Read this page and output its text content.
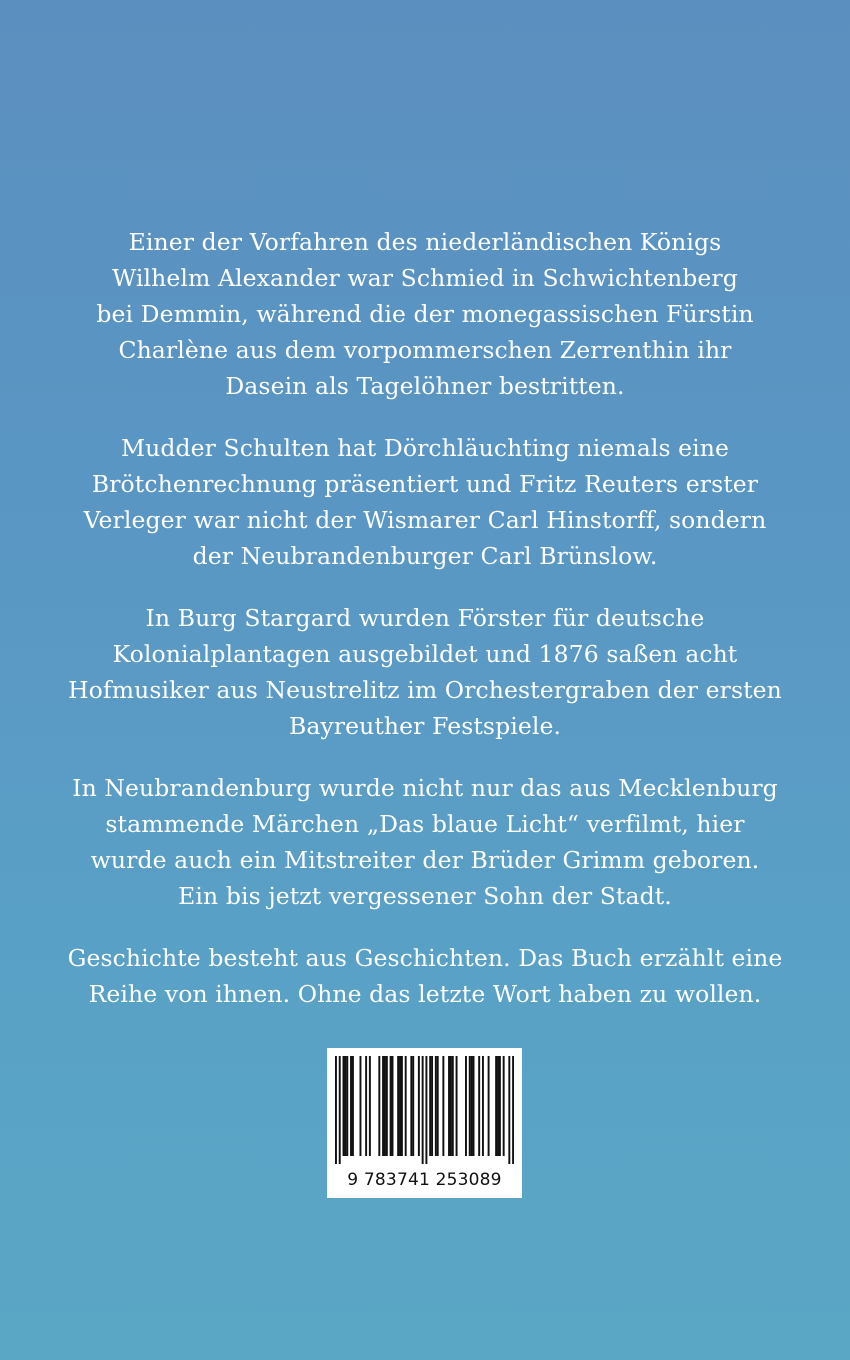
Einer der Vorfahren des niederländischen Königs
Wilhelm Alexander war Schmied in Schwichtenberg
bei Demmin, während die der monegassischen Fürstin
Charlène aus dem vorpommerschen Zerrenthin ihr
Dasein als Tagelöhner bestritten.

Mudder Schulten hat Dörchläuchting niemals eine
Brötchenrechnung präsentiert und Fritz Reuters erster
Verleger war nicht der Wismarer Carl Hinstorff, sondern
der Neubrandenburger Carl Brünslow.

In Burg Stargard wurden Förster für deutsche
Kolonialplantagen ausgebildet und 1876 saßen acht
Hofmusiker aus Neustrelitz im Orchestergraben der ersten
Bayreuther Festspiele.

In Neubrandenburg wurde nicht nur das aus Mecklenburg
stammende Märchen „Das blaue Licht“ verfilmt, hier
wurde auch ein Mitstreiter der Brüder Grimm geboren.
Ein bis jetzt vergessener Sohn der Stadt.

Geschichte besteht aus Geschichten. Das Buch erzählt eine
Reihe von ihnen. Ohne das letzte Wort haben zu wollen.

9 783741 253089
